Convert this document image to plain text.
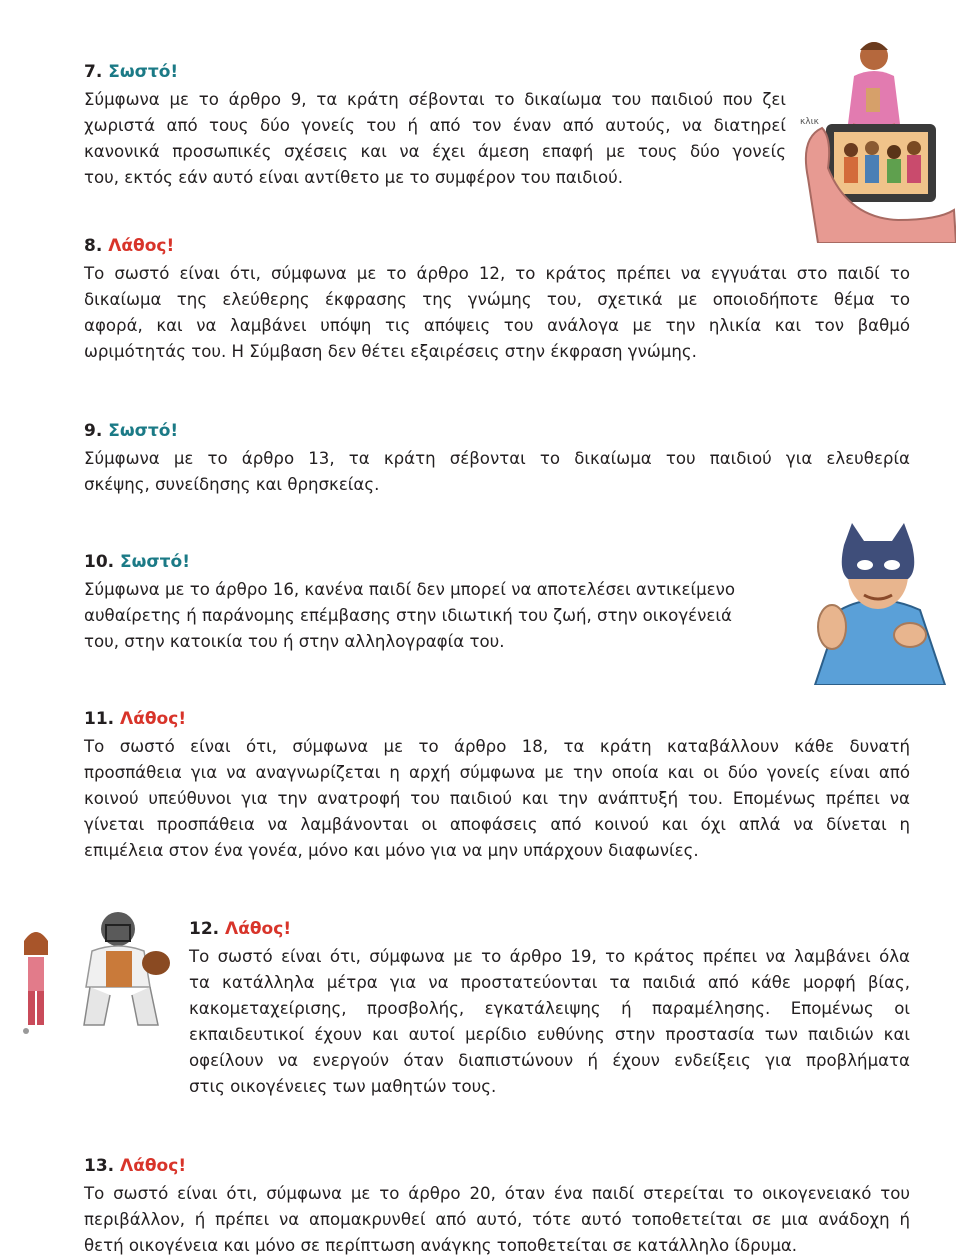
7. Σωστό!
Σύμφωνα με το άρθρο 9, τα κράτη σέβονται το δικαίωμα του παιδιού που ζει
χωριστά από τους δύο γονείς του ή από τον έναν από αυτούς, να διατηρεί
κανονικά προσωπικές σχέσεις και να έχει άμεση επαφή με τους δύο γονείς
του, εκτός εάν αυτό είναι αντίθετο με το συμφέρον του παιδιού.
8. Λάθος!
Το σωστό είναι ότι, σύμφωνα με το άρθρο 12, το κράτος πρέπει να εγγυάται στο παιδί το
δικαίωμα της ελεύθερης έκφρασης της γνώμης του, σχετικά με οποιοδήποτε θέμα το
αφορά, και να λαμβάνει υπόψη τις απόψεις του ανάλογα με την ηλικία και τον βαθμό
ωριμότητάς του. Η Σύμβαση δεν θέτει εξαιρέσεις στην έκφραση γνώμης.
9. Σωστό!
Σύμφωνα με το άρθρο 13, τα κράτη σέβονται το δικαίωμα του παιδιού για ελευθερία
σκέψης, συνείδησης και θρησκείας.
10. Σωστό!
Σύμφωνα με το άρθρο 16, κανένα παιδί δεν μπορεί να αποτελέσει αντικείμενο
αυθαίρετης ή παράνομης επέμβασης στην ιδιωτική του ζωή, στην οικογένειά
του, στην κατοικία του ή στην αλληλογραφία του.
11. Λάθος!
Το σωστό είναι ότι, σύμφωνα με το άρθρο 18, τα κράτη καταβάλλουν κάθε δυνατή
προσπάθεια για να αναγνωρίζεται η αρχή σύμφωνα με την οποία και οι δύο γονείς είναι από
κοινού υπεύθυνοι για την ανατροφή του παιδιού και την ανάπτυξή του. Επομένως πρέπει να
γίνεται προσπάθεια να λαμβάνονται οι αποφάσεις από κοινού και όχι απλά να δίνεται η
επιμέλεια στον ένα γονέα, μόνο και μόνο για να μην υπάρχουν διαφωνίες.
12. Λάθος!
Το σωστό είναι ότι, σύμφωνα με το άρθρο 19, το κράτος πρέπει να λαμβάνει όλα
τα κατάλληλα μέτρα για να προστατεύονται τα παιδιά από κάθε μορφή βίας,
κακομεταχείρισης, προσβολής, εγκατάλειψης ή παραμέλησης. Επομένως οι
εκπαιδευτικοί έχουν και αυτοί μερίδιο ευθύνης στην προστασία των παιδιών και
οφείλουν να ενεργούν όταν διαπιστώνουν ή έχουν ενδείξεις για προβλήματα
στις οικογένειες των μαθητών τους.
13. Λάθος!
Το σωστό είναι ότι, σύμφωνα με το άρθρο 20, όταν ένα παιδί στερείται το οικογενειακό του
περιβάλλον, ή πρέπει να απομακρυνθεί από αυτό, τότε αυτό τοποθετείται σε μια ανάδοχη ή
θετή οικογένεια και μόνο σε περίπτωση ανάγκης τοποθετείται σε κατάλληλο ίδρυμα.
κλικ
